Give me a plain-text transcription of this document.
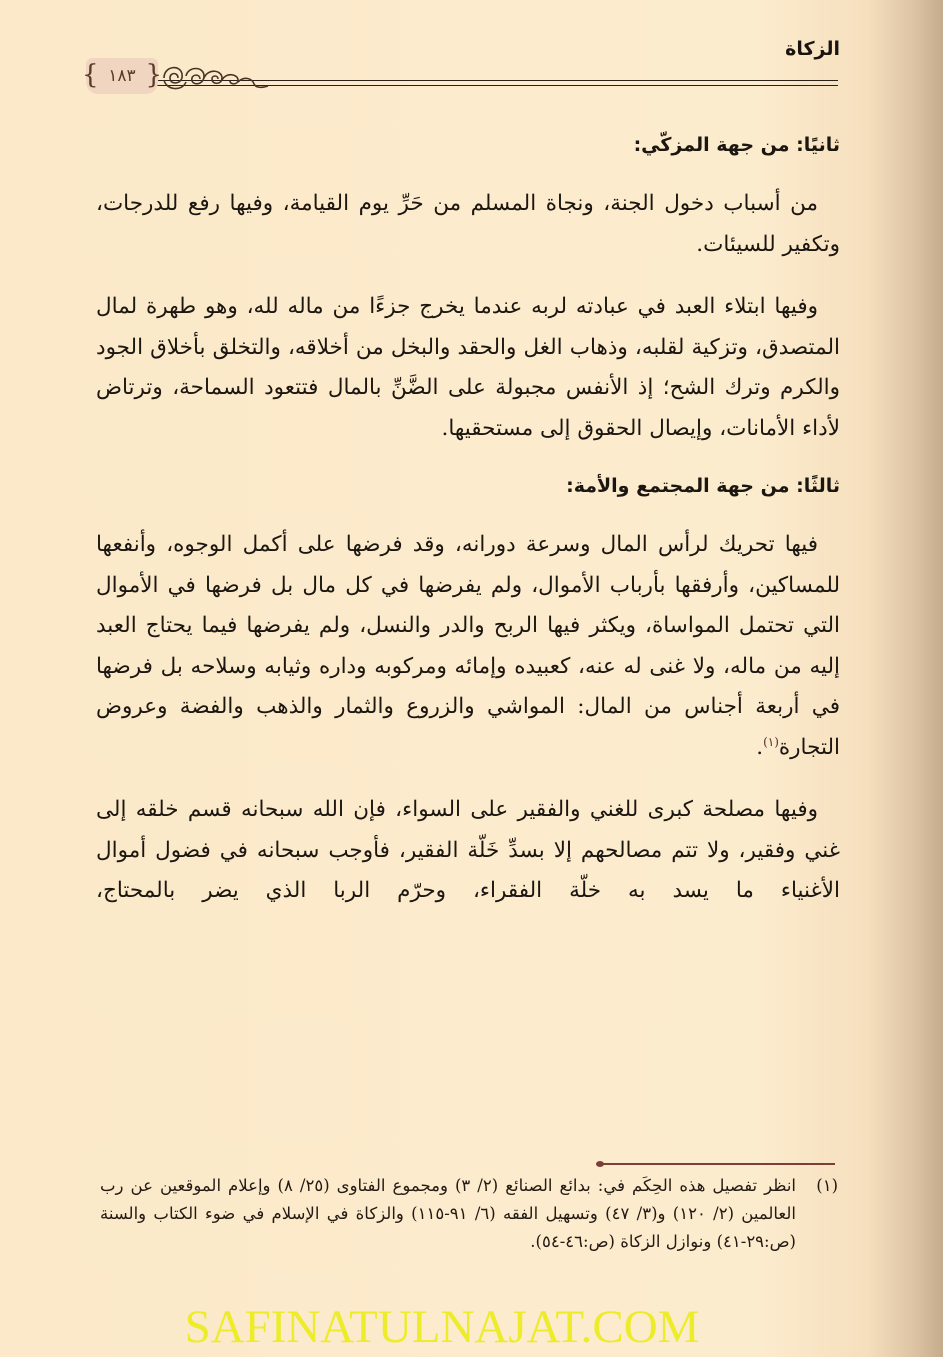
الزكاة
{ ١٨٣
}
ثانيًا: من جهة المزكّي:

من أسباب دخول الجنة، ونجاة المسلم من حَرِّ يوم القيامة، وفيها رفع للدرجات، وتكفير للسيئات.

وفيها ابتلاء العبد في عبادته لربه عندما يخرج جزءًا من ماله لله، وهو طهرة لمال المتصدق، وتزكية لقلبه، وذهاب الغل والحقد والبخل من أخلاقه، والتخلق بأخلاق الجود والكرم وترك الشح؛ إذ الأنفس مجبولة على الضَّنِّ بالمال فتتعود السماحة، وترتاض لأداء الأمانات، وإيصال الحقوق إلى مستحقيها.

ثالثًا: من جهة المجتمع والأمة:

فيها تحريك لرأس المال وسرعة دورانه، وقد فرضها على أكمل الوجوه، وأنفعها للمساكين، وأرفقها بأرباب الأموال، ولم يفرضها في كل مال بل فرضها في الأموال التي تحتمل المواساة، ويكثر فيها الربح والدر والنسل، ولم يفرضها فيما يحتاج العبد إليه من ماله، ولا غنى له عنه، كعبيده وإمائه ومركوبه وداره وثيابه وسلاحه بل فرضها في أربعة أجناس من المال: المواشي والزروع والثمار والذهب والفضة وعروض التجارة$^{(١)}$.

وفيها مصلحة كبرى للغني والفقير على السواء، فإن الله سبحانه قسم خلقه إلى غني وفقير، ولا تتم مصالحهم إلا بسدِّ خَلّة الفقير، فأوجب سبحانه في فضول أموال الأغنياء ما يسد به خلّة الفقراء، وحرّم الربا الذي يضر بالمحتاج،

(١)
انظر تفصيل هذه الحِكَم في: بدائع الصنائع (٢/ ٣) ومجموع الفتاوى (٢٥/ ٨) وإعلام الموقعين عن رب العالمين (٢/ ١٢٠) و(٣/ ٤٧) وتسهيل الفقه (٦/ ٩١-١١٥) والزكاة في الإسلام في ضوء الكتاب والسنة (ص:٢٩-٤١) ونوازل الزكاة (ص:٤٦-٥٤).
SAFINATULNAJAT.COM
